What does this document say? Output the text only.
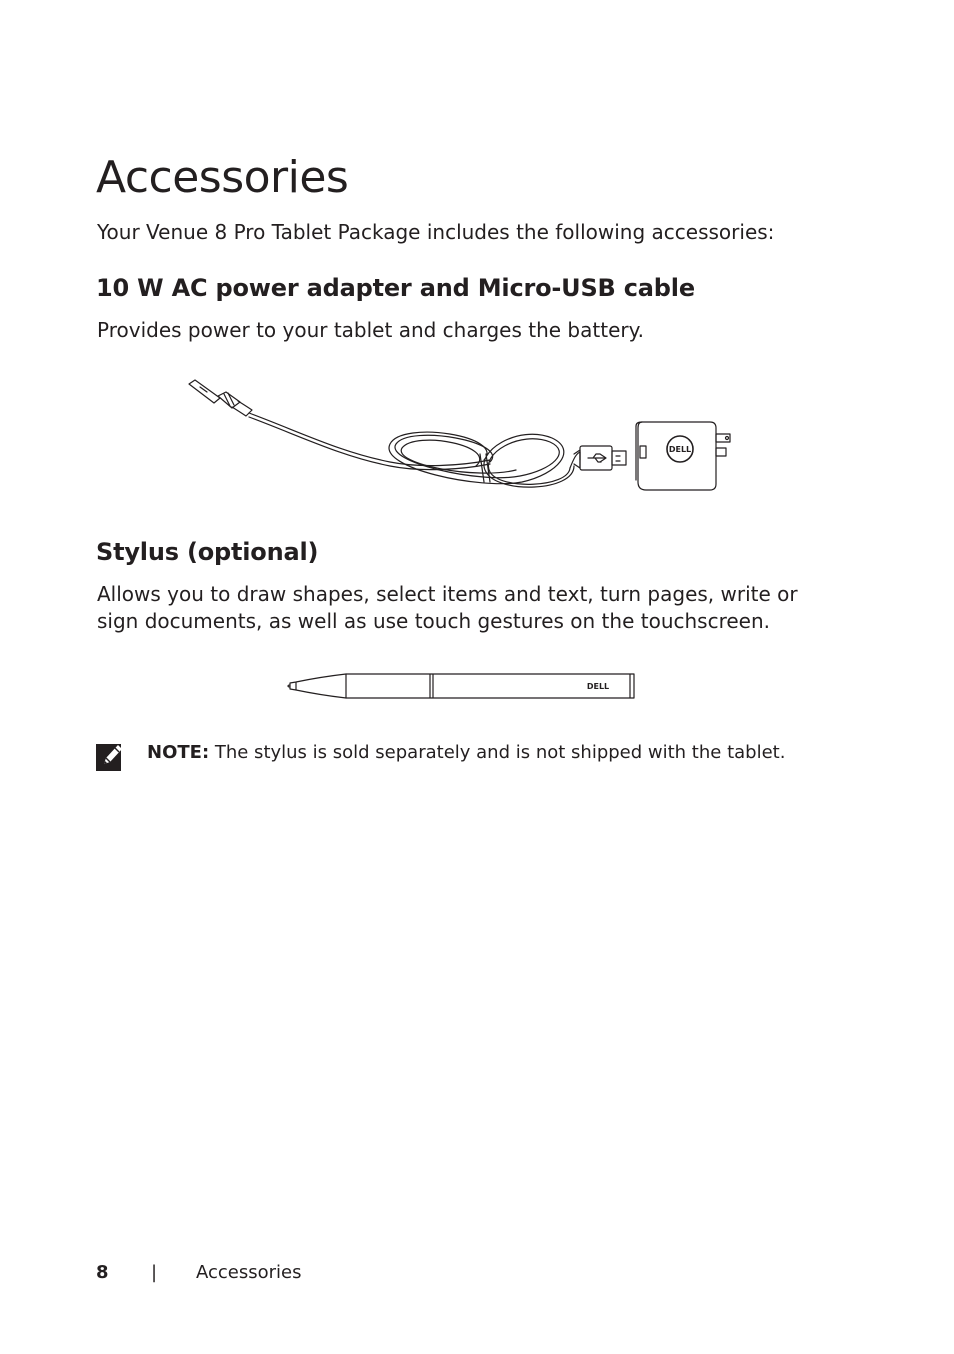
Accessories

Your Venue 8 Pro Tablet Package includes the following accessories:

10 W AC power adapter and Micro-USB cable

Provides power to your tablet and charges the battery.

DELL
Stylus (optional)

Allows you to draw shapes, select items and text, turn pages, write or sign documents, as well as use touch gestures on the touchscreen.

DELL

NOTE: The stylus is sold separately and is not shipped with the tablet.

8 | Accessories
